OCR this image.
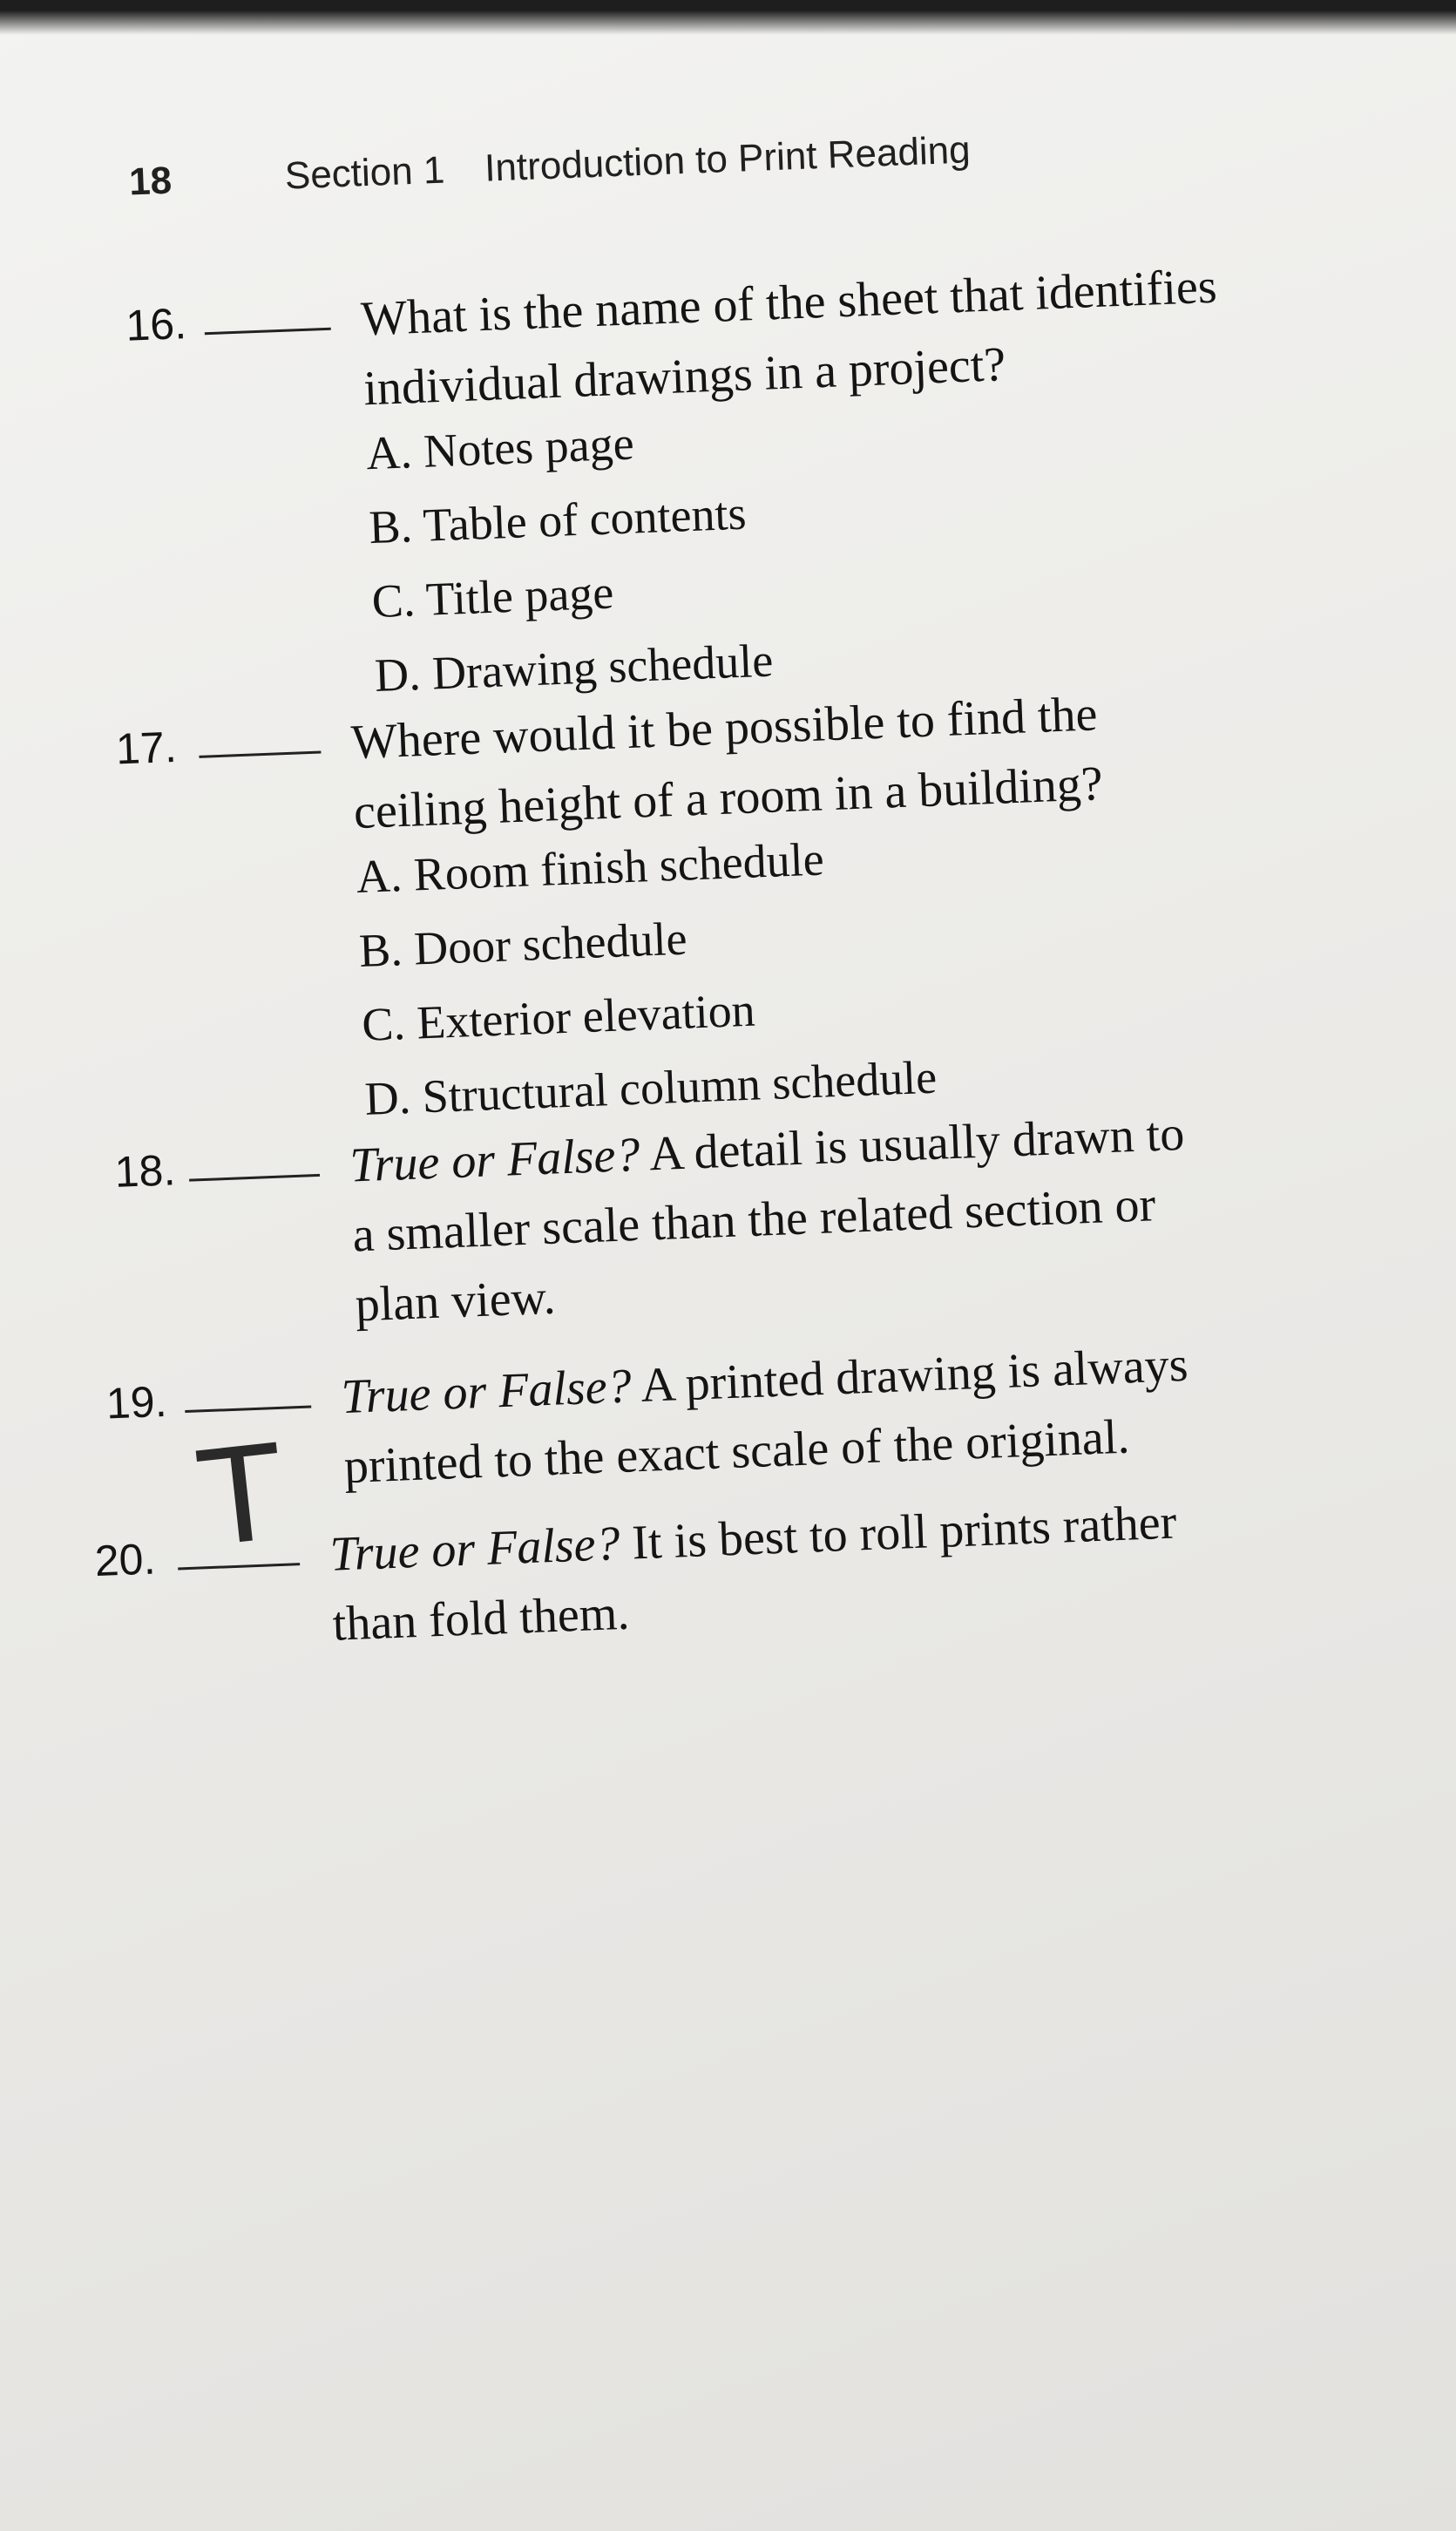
18	Section 1 Introduction to Print Reading
16.	What is the name of the sheet that identifies
individual drawings in a project?
A. Notes page
B. Table of contents
C. Title page
D. Drawing schedule
17.	Where would it be possible to find the
ceiling height of a room in a building?
A. Room finish schedule
B. Door schedule
C. Exterior elevation
D. Structural column schedule
18.	True or False? A detail is usually drawn to
a smaller scale than the related section or
plan view.
19.	True or False? A printed drawing is always
printed to the exact scale of the original.
20. T True or False? It is best to roll prints rather
than fold them.
